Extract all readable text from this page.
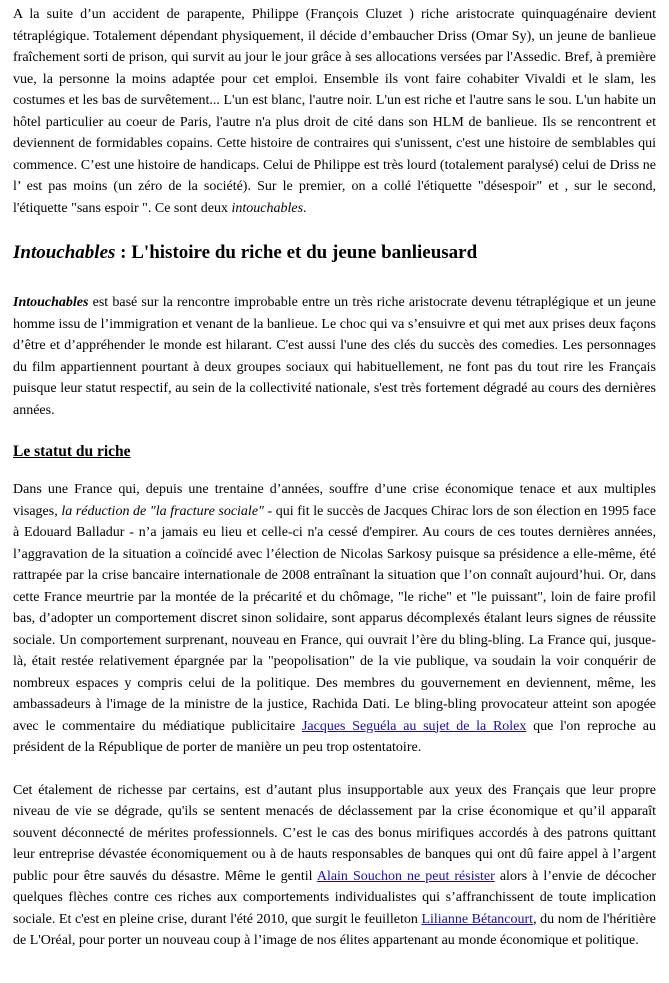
A la suite d’un accident de parapente, Philippe (François Cluzet ) riche aristocrate quinquagénaire devient tétraplégique. Totalement dépendant physiquement, il décide d’embaucher Driss (Omar Sy), un jeune de banlieue fraîchement sorti de prison, qui survit au jour le jour grâce à ses allocations versées par l'Assedic. Bref, à première vue, la personne la moins adaptée pour cet emploi. Ensemble ils vont faire cohabiter Vivaldi et le slam, les costumes et les bas de survêtement... L'un est blanc, l'autre noir. L'un est riche et l'autre sans le sou. L'un habite un hôtel particulier au coeur de Paris, l'autre n'a plus droit de cité dans son HLM de banlieue. Ils se rencontrent et deviennent de formidables copains. Cette histoire de contraires qui s'unissent, c'est une histoire de semblables qui commence. C’est une histoire de handicaps. Celui de Philippe est très lourd (totalement paralysé) celui de Driss ne l’ est pas moins (un zéro de la société). Sur le premier, on a collé l'étiquette "désespoir" et , sur le second, l'étiquette "sans espoir ". Ce sont deux intouchables.

Intouchables : L'histoire du riche et du jeune banlieusard

Intouchables est basé sur la rencontre improbable entre un très riche aristocrate devenu tétraplégique et un jeune homme issu de l’immigration et venant de la banlieue. Le choc qui va s’ensuivre et qui met aux prises deux façons d’être et d’appréhender le monde est hilarant. C'est aussi l'une des clés du succès des comedies. Les personnages du film appartiennent pourtant à deux groupes sociaux qui habituellement, ne font pas du tout rire les Français puisque leur statut respectif, au sein de la collectivité nationale, s'est très fortement dégradé au cours des dernières années.

Le statut du riche

Dans une France qui, depuis une trentaine d’années, souffre d’une crise économique tenace et aux multiples visages, la réduction de "la fracture sociale" - qui fit le succès de Jacques Chirac lors de son élection en 1995 face à Edouard Balladur - n’a jamais eu lieu et celle-ci n'a cessé d'empirer. Au cours de ces toutes dernières années, l’aggravation de la situation a coïncidé avec l’élection de Nicolas Sarkosy puisque sa présidence a elle-même, été rattrapée par la crise bancaire internationale de 2008 entraînant la situation que l’on connaît aujourd’hui. Or, dans cette France meurtrie par la montée de la précarité et du chômage, "le riche" et "le puissant", loin de faire profil bas, d’adopter un comportement discret sinon solidaire, sont apparus décomplexés étalant leurs signes de réussite sociale. Un comportement surprenant, nouveau en France, qui ouvrait l’ère du bling-bling. La France qui, jusque-là, était restée relativement épargnée par la "peopolisation" de la vie publique, va soudain la voir conquérir de nombreux espaces y compris celui de la politique. Des membres du gouvernement en deviennent, même, les ambassadeurs à l'image de la ministre de la justice, Rachida Dati. Le bling-bling provocateur atteint son apogée avec le commentaire du médiatique publicitaire Jacques Seguéla au sujet de la Rolex que l'on reproche au président de la République de porter de manière un peu trop ostentatoire.

Cet étalement de richesse par certains, est d’autant plus insupportable aux yeux des Français que leur propre niveau de vie se dégrade, qu'ils se sentent menacés de déclassement par la crise économique et qu’il apparaît souvent déconnecté de mérites professionnels. C’est le cas des bonus mirifiques accordés à des patrons quittant leur entreprise dévastée économiquement ou à de hauts responsables de banques qui ont dû faire appel à l’argent public pour être sauvés du désastre. Même le gentil Alain Souchon ne peut résister alors à l’envie de décocher quelques flèches contre ces riches aux comportements individualistes qui s’affranchissent de toute implication sociale. Et c'est en pleine crise, durant l'été 2010, que surgit le feuilleton Lilianne Bétancourt, du nom de l'héritière de L'Oréal, pour porter un nouveau coup à l’image de nos élites appartenant au monde économique et politique.
